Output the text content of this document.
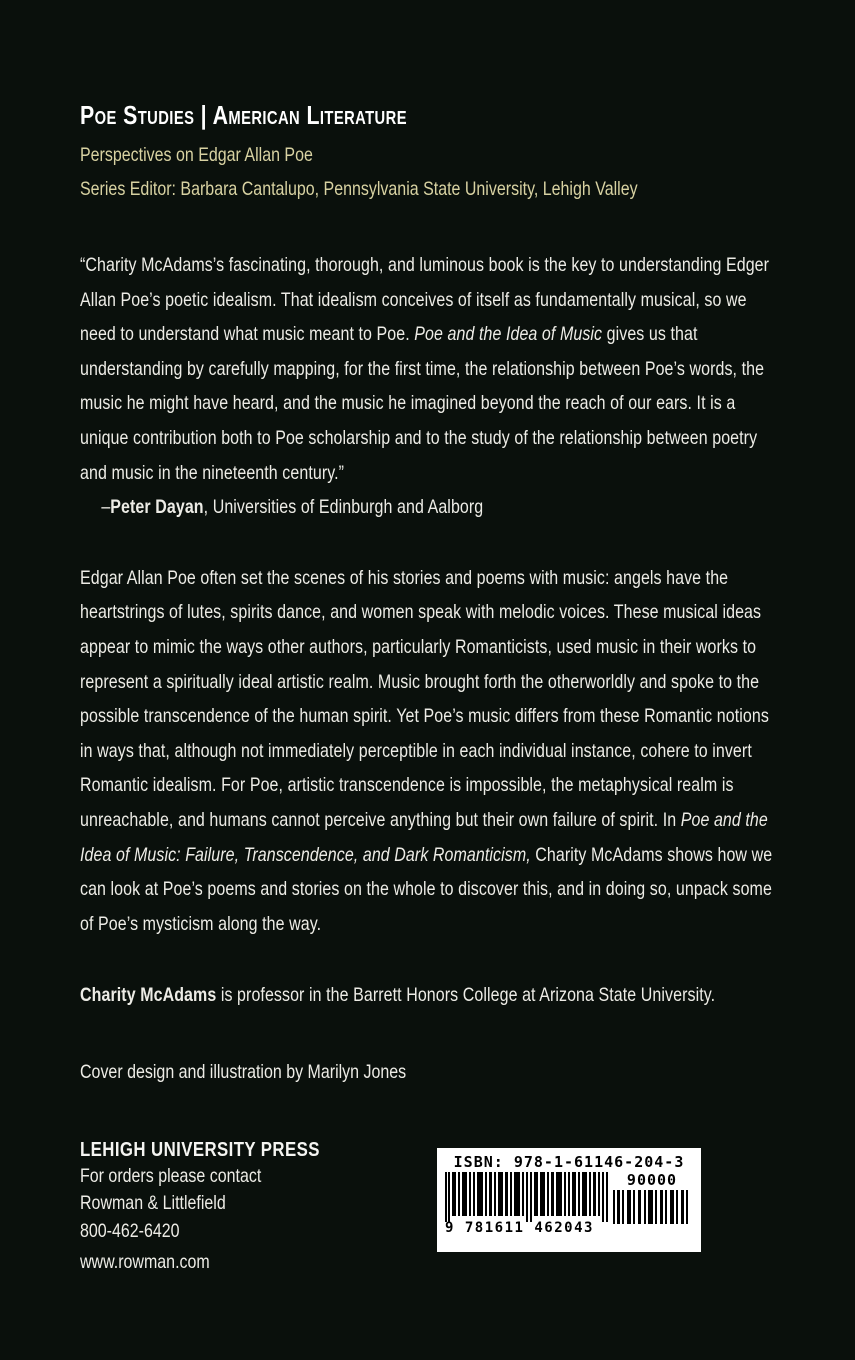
Poe Studies | American Literature

Perspectives on Edgar Allan Poe

Series Editor: Barbara Cantalupo, Pennsylvania State University, Lehigh Valley

“Charity McAdams’s fascinating, thorough, and luminous book is the key to understanding Edger Allan Poe’s poetic idealism. That idealism conceives of itself as fundamentally musical, so we need to understand what music meant to Poe. Poe and the Idea of Music gives us that understanding by carefully mapping, for the first time, the relationship between Poe’s words, the music he might have heard, and the music he imagined beyond the reach of our ears. It is a unique contribution both to Poe scholarship and to the study of the relationship between poetry and music in the nineteenth century.”

–Peter Dayan, Universities of Edinburgh and Aalborg

Edgar Allan Poe often set the scenes of his stories and poems with music: angels have the heartstrings of lutes, spirits dance, and women speak with melodic voices. These musical ideas appear to mimic the ways other authors, particularly Romanticists, used music in their works to represent a spiritually ideal artistic realm. Music brought forth the otherworldly and spoke to the possible transcendence of the human spirit. Yet Poe’s music differs from these Romantic notions in ways that, although not immediately perceptible in each individual instance, cohere to invert Romantic idealism. For Poe, artistic transcendence is impossible, the metaphysical realm is unreachable, and humans cannot perceive anything but their own failure of spirit. In Poe and the Idea of Music: Failure, Transcendence, and Dark Romanticism, Charity McAdams shows how we can look at Poe’s poems and stories on the whole to discover this, and in doing so, unpack some of Poe’s mysticism along the way.

Charity McAdams is professor in the Barrett Honors College at Arizona State University.

Cover design and illustration by Marilyn Jones

LEHIGH UNIVERSITY PRESS

For orders please contact

Rowman & Littlefield

800-462-6420

www.rowman.com

ISBN: 978-1-61146-204-3
9 781611 462043
90000
